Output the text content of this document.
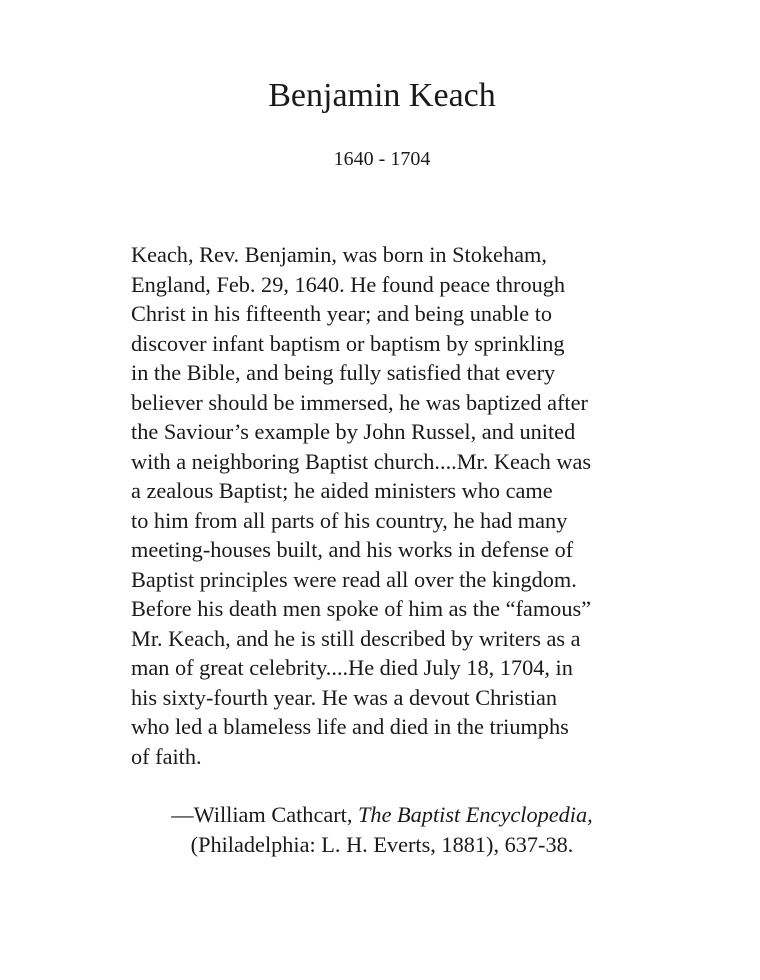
Benjamin Keach
1640 - 1704
Keach, Rev. Benjamin, was born in Stokeham,
England, Feb. 29, 1640. He found peace through
Christ in his fifteenth year; and being unable to
discover infant baptism or baptism by sprinkling
in the Bible, and being fully satisfied that every
believer should be immersed, he was baptized after
the Saviour’s example by John Russel, and united
with a neighboring Baptist church....Mr. Keach was
a zealous Baptist; he aided ministers who came
to him from all parts of his country, he had many
meeting-houses built, and his works in defense of
Baptist principles were read all over the kingdom.
Before his death men spoke of him as the “famous”
Mr. Keach, and he is still described by writers as a
man of great celebrity....He died July 18, 1704, in
his sixty-fourth year. He was a devout Christian
who led a blameless life and died in the triumphs
of faith.
—William Cathcart, The Baptist Encyclopedia,
(Philadelphia: L. H. Everts, 1881), 637-38.
